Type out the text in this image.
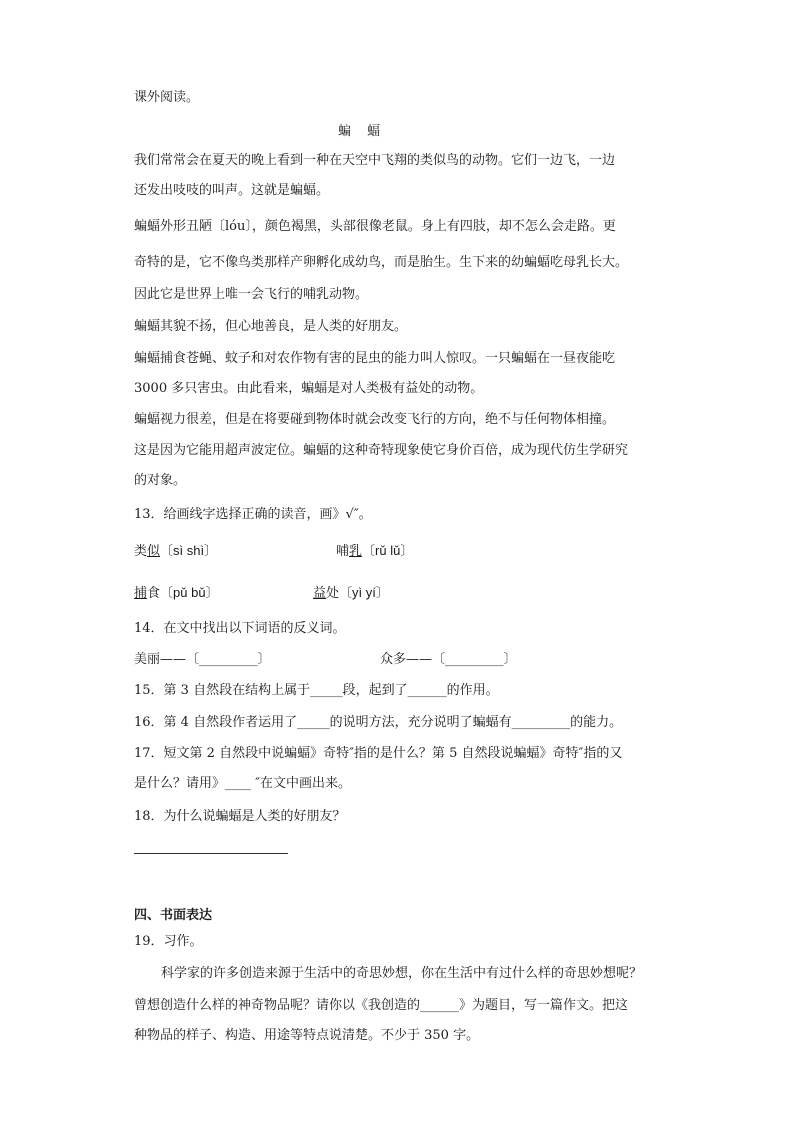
课外阅读。
蝙 蝠
我们常常会在夏天的晚上看到一种在天空中飞翔的类似鸟的动物。它们一边飞，一边
还发出吱吱的叫声。这就是蝙蝠。
蝙蝠外形丑陋〔lóu〕，颜色褐黑，头部很像老鼠。身上有四肢，却不怎么会走路。更
奇特的是，它不像鸟类那样产卵孵化成幼鸟，而是胎生。生下来的幼蝙蝠吃母乳长大。
因此它是世界上唯一会飞行的哺乳动物。
蝙蝠其貌不扬，但心地善良，是人类的好朋友。
蝙蝠捕食苍蝇、蚊子和对农作物有害的昆虫的能力叫人惊叹。一只蝙蝠在一昼夜能吃
3000 多只害虫。由此看来，蝙蝠是对人类极有益处的动物。
蝙蝠视力很差，但是在将要碰到物体时就会改变飞行的方向，绝不与任何物体相撞。
这是因为它能用超声波定位。蝙蝠的这种奇特现象使它身价百倍，成为现代仿生学研究
的对象。
13．给画线字选择正确的读音，画》√″。
类似〔sì shì〕	哺乳〔rǔ lǔ〕
捕食〔pǔ bǔ〕	益处〔yì yí〕
14．在文中找出以下词语的反义词。
美丽——〔_________〕	众多——〔_________〕
15．第 3 自然段在结构上属于_____段，起到了______的作用。
16．第 4 自然段作者运用了_____的说明方法，充分说明了蝙蝠有_________的能力。
17．短文第 2 自然段中说蝙蝠》奇特″指的是什么？第 5 自然段说蝙蝠》奇特″指的又
是什么？请用》____ ″在文中画出来。
18．为什么说蝙蝠是人类的好朋友？
四、书面表达
19．习作。
科学家的许多创造来源于生活中的奇思妙想，你在生活中有过什么样的奇思妙想呢？
曾想创造什么样的神奇物品呢？请你以《我创造的______》为题目，写一篇作文。把这
种物品的样子、构造、用途等特点说清楚。不少于 350 字。
